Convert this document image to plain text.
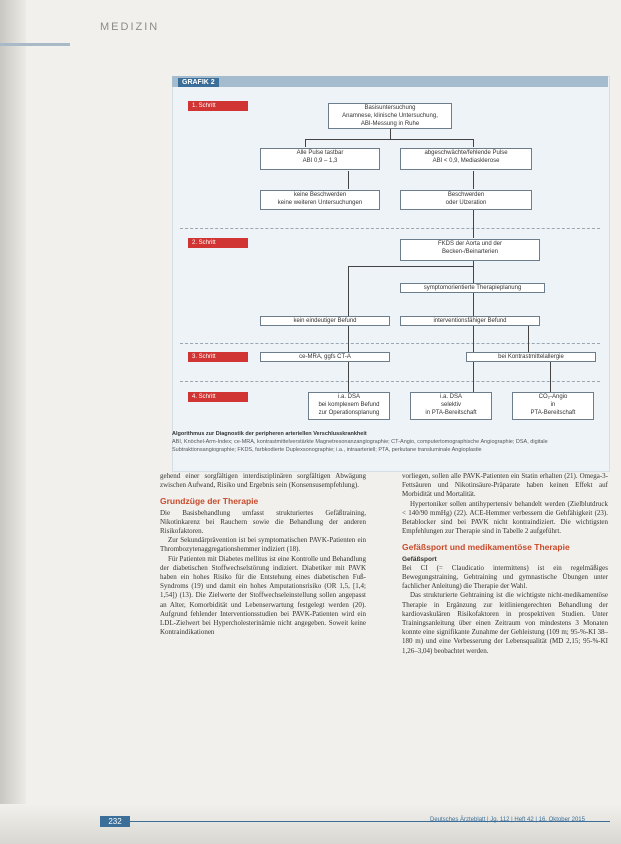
MEDIZIN
GRAFIK 2
1. Schritt
2. Schritt
3. Schritt
4. Schritt
Basisuntersuchung
Anamnese, klinische Untersuchung,
ABI-Messung in Ruhe
Alle Pulse tastbar
ABI 0,9 – 1,3
abgeschwächte/fehlende Pulse
ABI < 0,9, Mediasklerose
keine Beschwerden
keine weiteren Untersuchungen
Beschwerden
oder Ulzeration
FKDS der Aorta und der
Becken-/Beinarterien
symptomorientierte Therapieplanung
kein eindeutiger Befund	interventionsfähiger Befund
ce-MRA, ggfs CT-A	bei Kontrastmittelallergie
i.a. DSA
bei komplexem Befund
zur Operationsplanung
i.a. DSA
selektiv
in PTA-Bereitschaft
CO₂-Angio
in
PTA-Bereitschaft
Algorithmus zur Diagnostik der peripheren arteriellen Verschlusskrankheit
ABI, Knöchel-Arm-Index; ce-MRA, kontrastmittelverstärkte Magnetresonanzangiographie; CT-Angio, computertomographische Angiographie; DSA, digitale Subtraktionsangiographie; FKDS, farbkodierte Duplexsonographie; i.a., intraarteriell; PTA, perkutane transluminale Angioplastie

gehend einer sorgfältigen interdisziplinären sorgfältigen Abwägung zwischen Aufwand, Risiko und Ergebnis sein (Konsensusempfehlung).

Grundzüge der Therapie

Die Basisbehandlung umfasst strukturiertes Gefäßtraining, Nikotinkarenz bei Rauchern sowie die Behandlung der anderen Risikofaktoren.

Zur Sekundärprävention ist bei symptomatischen PAVK-Patienten ein Thrombozytenaggregationshemmer indiziert (18).

Für Patienten mit Diabetes mellitus ist eine Kontrolle und Behandlung der diabetischen Stoffwechselstörung indiziert. Diabetiker mit PAVK haben ein hohes Risiko für die Entstehung eines diabetischen Fuß-Syndroms (19) und damit ein hohes Amputationsrisiko (OR 1,5, [1,4; 1,54]) (13). Die Zielwerte der Stoffwechseleinstellung sollen angepasst an Alter, Komorbidität und Lebenserwartung festgelegt werden (20). Aufgrund fehlender Interventionsstudien bei PAVK-Patienten wird ein LDL-Zielwert bei Hypercholesterinämie nicht angegeben. Soweit keine Kontraindikationen

vorliegen, sollen alle PAVK-Patienten ein Statin erhalten (21). Omega-3-Fettsäuren und Nikotinsäure-Präparate haben keinen Effekt auf Morbidität und Mortalität.

Hypertoniker sollen antihypertensiv behandelt werden (Zielblutdruck < 140/90 mmHg) (22). ACE-Hemmer verbessern die Gehfähigkeit (23). Betablocker sind bei PAVK nicht kontraindiziert. Die wichtigsten Empfehlungen zur Therapie sind in Tabelle 2 aufgeführt.

Gefäßsport und medikamentöse Therapie
Gefäßsport

Bei CI (= Claudicatio intermittens) ist ein regelmäßiges Bewegungstraining, Gehtraining und gymnastische Übungen unter fachlicher Anleitung) die Therapie der Wahl.

Das strukturierte Gehtraining ist die wichtigste nicht-medikamentöse Therapie in Ergänzung zur leitliniengerechten Behandlung der kardiovaskulären Risikofaktoren in prospektiven Studien. Unter Trainingsanleitung über einen Zeitraum von mindestens 3 Monaten konnte eine signifikante Zunahme der Gehleistung (109 m; 95-%-KI 38–180 m) und eine Verbesserung der Lebensqualität (MD 2,15; 95-%-KI 1,26–3,04) beobachtet werden.

232	Deutsches Ärzteblatt | Jg. 112 | Heft 42 | 16. Oktober 2015
